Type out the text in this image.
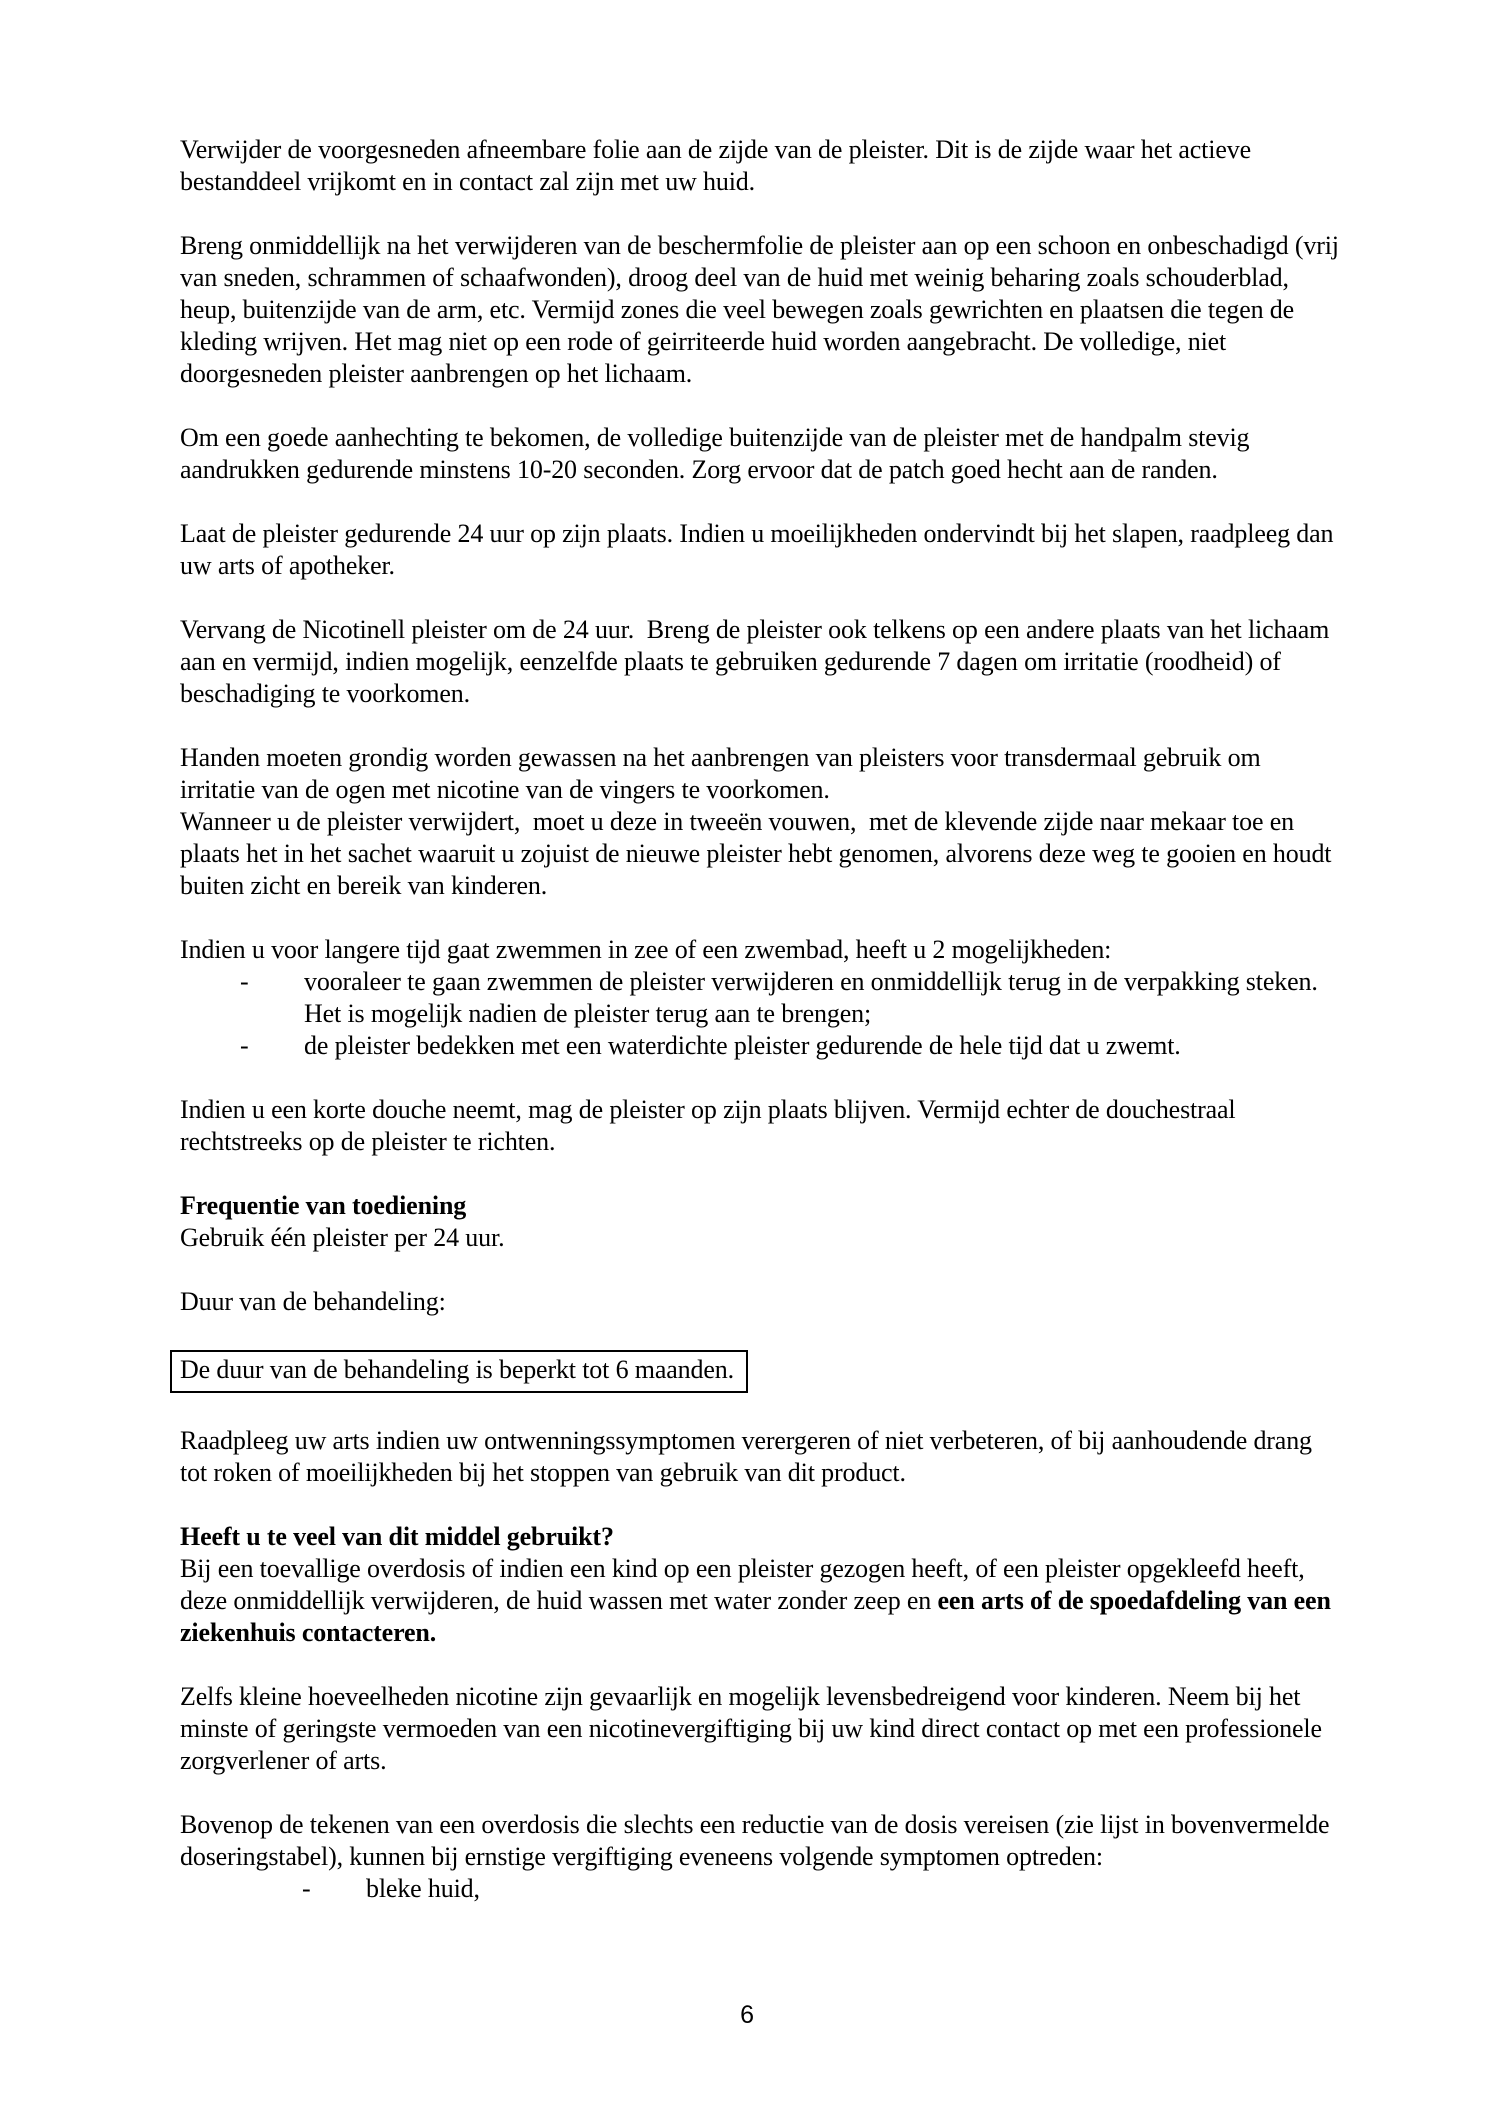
Verwijder de voorgesneden afneembare folie aan de zijde van de pleister. Dit is de zijde waar het actieve bestanddeel vrijkomt en in contact zal zijn met uw huid.

Breng onmiddellijk na het verwijderen van de beschermfolie de pleister aan op een schoon en onbeschadigd (vrij van sneden, schrammen of schaafwonden), droog deel van de huid met weinig beharing zoals schouderblad, heup, buitenzijde van de arm, etc. Vermijd zones die veel bewegen zoals gewrichten en plaatsen die tegen de kleding wrijven. Het mag niet op een rode of geirriteerde huid worden aangebracht. De volledige, niet doorgesneden pleister aanbrengen op het lichaam.

Om een goede aanhechting te bekomen, de volledige buitenzijde van de pleister met de handpalm stevig aandrukken gedurende minstens 10-20 seconden. Zorg ervoor dat de patch goed hecht aan de randen.

Laat de pleister gedurende 24 uur op zijn plaats. Indien u moeilijkheden ondervindt bij het slapen, raadpleeg dan uw arts of apotheker.

Vervang de Nicotinell pleister om de 24 uur.  Breng de pleister ook telkens op een andere plaats van het lichaam aan en vermijd, indien mogelijk, eenzelfde plaats te gebruiken gedurende 7 dagen om irritatie (roodheid) of beschadiging te voorkomen.

Handen moeten grondig worden gewassen na het aanbrengen van pleisters voor transdermaal gebruik om irritatie van de ogen met nicotine van de vingers te voorkomen.

Wanneer u de pleister verwijdert,  moet u deze in tweeën vouwen,  met de klevende zijde naar mekaar toe en plaats het in het sachet waaruit u zojuist de nieuwe pleister hebt genomen, alvorens deze weg te gooien en houdt buiten zicht en bereik van kinderen.

Indien u voor langere tijd gaat zwemmen in zee of een zwembad, heeft u 2 mogelijkheden:

-	vooraleer te gaan zwemmen de pleister verwijderen en onmiddellijk terug in de verpakking steken. Het is mogelijk nadien de pleister terug aan te brengen;
-	de pleister bedekken met een waterdichte pleister gedurende de hele tijd dat u zwemt.

Indien u een korte douche neemt, mag de pleister op zijn plaats blijven. Vermijd echter de douchestraal rechtstreeks op de pleister te richten.

Frequentie van toediening

Gebruik één pleister per 24 uur.

Duur van de behandeling:

De duur van de behandeling is beperkt tot 6 maanden.

Raadpleeg uw arts indien uw ontwenningssymptomen verergeren of niet verbeteren, of bij aanhoudende drang tot roken of moeilijkheden bij het stoppen van gebruik van dit product.

Heeft u te veel van dit middel gebruikt?

Bij een toevallige overdosis of indien een kind op een pleister gezogen heeft, of een pleister opgekleefd heeft, deze onmiddellijk verwijderen, de huid wassen met water zonder zeep en een arts of de spoedafdeling van een ziekenhuis contacteren.

Zelfs kleine hoeveelheden nicotine zijn gevaarlijk en mogelijk levensbedreigend voor kinderen. Neem bij het minste of geringste vermoeden van een nicotinevergiftiging bij uw kind direct contact op met een professionele zorgverlener of arts.

Bovenop de tekenen van een overdosis die slechts een reductie van de dosis vereisen (zie lijst in bovenvermelde doseringstabel), kunnen bij ernstige vergiftiging eveneens volgende symptomen optreden:

-	bleke huid,
6
